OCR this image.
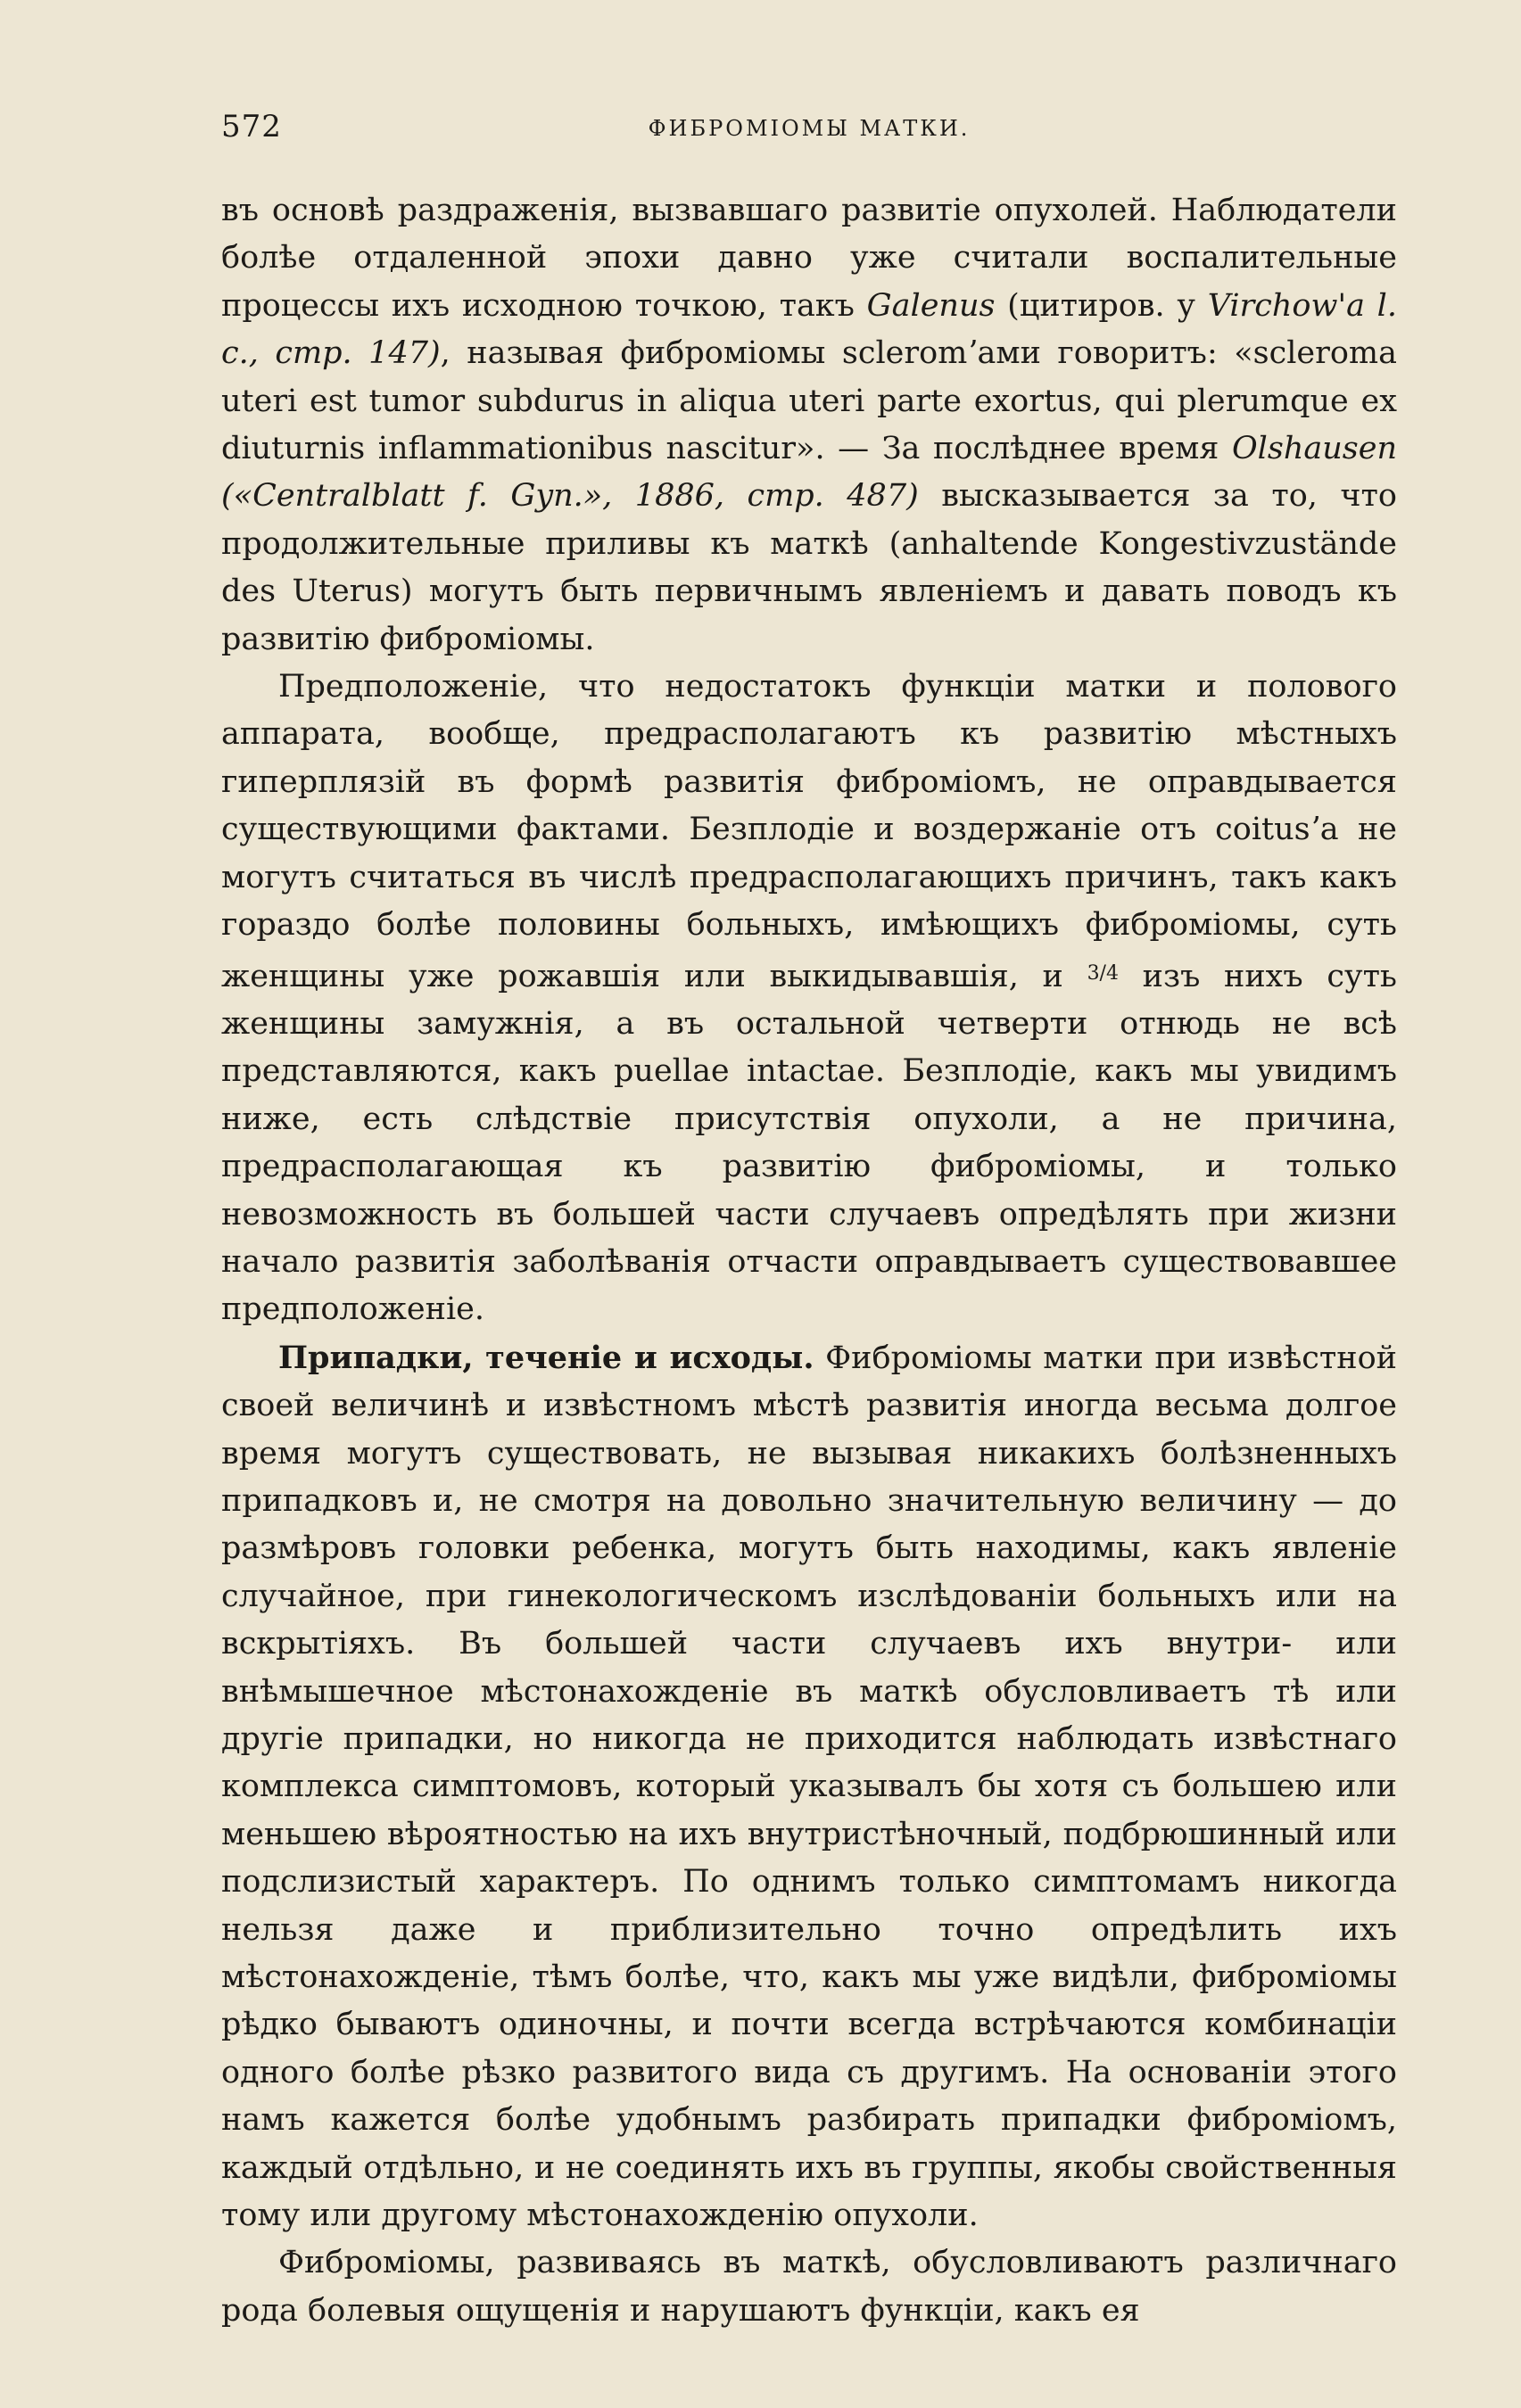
572	ФИБРОМІОМЫ МАТКИ.

въ основѣ раздраженія, вызвавшаго развитіе опухолей. Наблюдатели болѣе отдаленной эпохи давно уже считали воспалительные процессы ихъ исходною точкою, такъ Galenus (цитиров. у Virchow'а l. c., стр. 147), называя фиброміомы scleromʼами говоритъ: «scleroma uteri est tumor subdurus in aliqua uteri parte exortus, qui plerumque ex diuturnis inflammationibus nascitur». — За послѣднее время Olshausen («Centralblatt f. Gyn.», 1886, стр. 487) высказывается за то, что продолжительные приливы къ маткѣ (anhaltende Kongestivzustände des Uterus) могутъ быть первичнымъ явленіемъ и давать поводъ къ развитію фиброміомы.

Предположеніе, что недостатокъ функціи матки и полового аппарата, вообще, предрасполагаютъ къ развитію мѣстныхъ гиперплязій въ формѣ развитія фиброміомъ, не оправдывается существующими фактами. Безплодіе и воздержаніе отъ coitusʼа не могутъ считаться въ числѣ предрасполагающихъ причинъ, такъ какъ гораздо болѣе половины больныхъ, имѣющихъ фиброміомы, суть женщины уже рожавшія или выкидывавшія, и $^{3/4}$ изъ нихъ суть женщины замужнія, а въ остальной четверти отнюдь не всѣ представляются, какъ puellae intactae. Безплодіе, какъ мы увидимъ ниже, есть слѣдствіе присутствія опухоли, а не причина, предрасполагающая къ развитію фиброміомы, и только невозможность въ большей части случаевъ опредѣлять при жизни начало развитія заболѣванія отчасти оправдываетъ существовавшее предположеніе.

Припадки, теченіе и исходы. Фиброміомы матки при извѣстной своей величинѣ и извѣстномъ мѣстѣ развитія иногда весьма долгое время могутъ существовать, не вызывая никакихъ болѣзненныхъ припадковъ и, не смотря на довольно значительную величину — до размѣровъ головки ребенка, могутъ быть находимы, какъ явленіе случайное, при гинекологическомъ изслѣдованіи больныхъ или на вскрытіяхъ. Въ большей части случаевъ ихъ внутри- или внѣмышечное мѣстонахожденіе въ маткѣ обусловливаетъ тѣ или другіе припадки, но никогда не приходится наблюдать извѣстнаго комплекса симптомовъ, который указывалъ бы хотя съ большею или меньшею вѣроятностью на ихъ внутристѣночный, подбрюшинный или подслизистый характеръ. По однимъ только симптомамъ никогда нельзя даже и приблизительно точно опредѣлить ихъ мѣстонахожденіе, тѣмъ болѣе, что, какъ мы уже видѣли, фиброміомы рѣдко бываютъ одиночны, и почти всегда встрѣчаются комбинаціи одного болѣе рѣзко развитого вида съ другимъ. На основаніи этого намъ кажется болѣе удобнымъ разбирать припадки фиброміомъ, каждый отдѣльно, и не соединять ихъ въ группы, якобы свойственныя тому или другому мѣстонахожденію опухоли.

Фиброміомы, развиваясь въ маткѣ, обусловливаютъ различнаго рода болевыя ощущенія и нарушаютъ функціи, какъ ея
